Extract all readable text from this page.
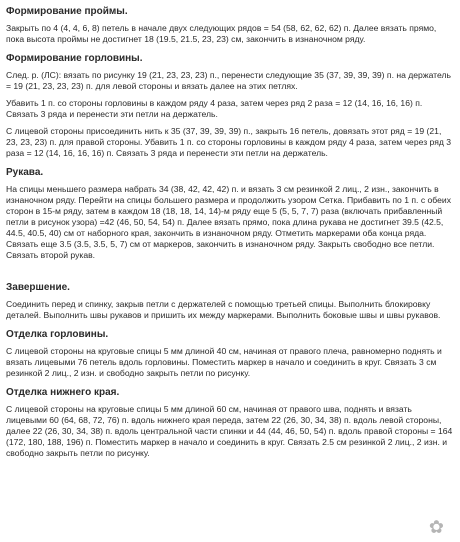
Формирование проймы.

Закрыть по 4 (4, 4, 6, 8) петель в начале двух следующих рядов = 54 (58, 62, 62, 62) п. Далее вязать прямо, пока высота проймы не достигнет 18 (19.5, 21.5, 23, 23) см, закончить в изнаночном ряду.

Формирование горловины.

След. р. (ЛС): вязать по рисунку 19 (21, 23, 23, 23) п., перенести следующие 35 (37, 39, 39, 39) п. на держатель = 19 (21, 23, 23, 23) п. для левой стороны и вязать далее на этих петлях.

Убавить 1 п. со стороны горловины в каждом ряду 4 раза, затем через ряд 2 раза = 12 (14, 16, 16, 16) п. Связать 3 ряда и перенести эти петли на держатель.

С лицевой стороны присоединить нить к 35 (37, 39, 39, 39) п., закрыть 16 петель, довязать этот ряд = 19 (21, 23, 23, 23) п. для правой стороны. Убавить 1 п. со стороны горловины в каждом ряду 4 раза, затем через ряд 3 раза = 12 (14, 16, 16, 16) п. Связать 3 ряда и перенести эти петли на держатель.

Рукава.

На спицы меньшего размера набрать 34 (38, 42, 42, 42) п. и вязать 3 см резинкой 2 лиц., 2 изн., закончить в изнаночном ряду. Перейти на спицы большего размера и продолжить узором Сетка. Прибавить по 1 п. с обеих сторон в 15-м ряду, затем в каждом 18 (18, 18, 14, 14)-м ряду еще 5 (5, 5, 7, 7) раза (включать прибавленный петли в рисунок узора) =42 (46, 50, 54, 54) п. Далее вязать прямо, пока длина рукава не достигнет 39.5 (42.5, 44.5, 40.5, 40) см от наборного края, закончить в изнаночном ряду. Отметить маркерами оба конца ряда. Связать еще 3.5 (3.5, 3.5, 5, 7) см от маркеров, закончить в изнаночном ряду. Закрыть свободно все петли. Связать второй рукав.

Завершение.

Соединить перед и спинку, закрыв петли с держателей с помощью третьей спицы. Выполнить блокировку деталей. Выполнить швы рукавов и пришить их между маркерами. Выполнить боковые швы и швы рукавов.

Отделка горловины.

С лицевой стороны на круговые спицы 5 мм длиной 40 см, начиная от правого плеча, равномерно поднять и вязать лицевыми 76 петель вдоль горловины. Поместить маркер в начало и соединить в круг. Связать 3 см резинкой 2 лиц., 2 изн. и свободно закрыть петли по рисунку.

Отделка нижнего края.

С лицевой стороны на круговые спицы 5 мм длиной 60 см, начиная от правого шва, поднять и вязать лицевыми 60 (64, 68, 72, 76) п. вдоль нижнего края переда, затем 22 (26, 30, 34, 38) п. вдоль левой стороны, далее 22 (26, 30, 34, 38) п. вдоль центральной части спинки и 44 (44, 46, 50, 54) п. вдоль правой стороны = 164 (172, 180, 188, 196) п. Поместить маркер в начало и соединить в круг. Связать 2.5 см резинкой 2 лиц., 2 изн. и свободно закрыть петли по рисунку.

✿
